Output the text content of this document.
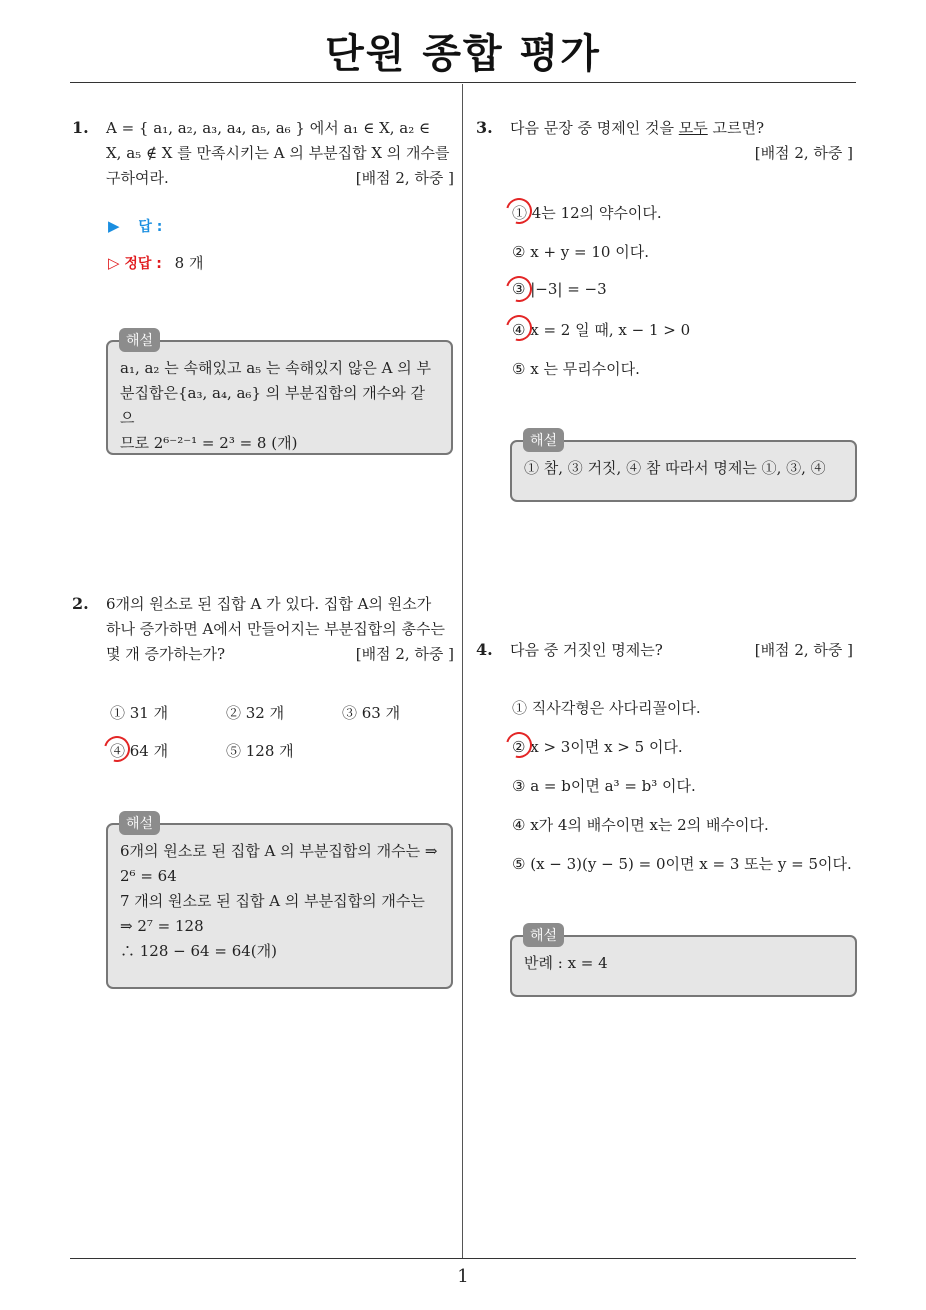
단원 종합 평가
1
1. A = { a₁, a₂, a₃, a₄, a₅, a₆ } 에서 a₁ ∈ X, a₂ ∈
X, a₅ ∉ X 를 만족시키는 A 의 부분집합 X 의 개수를
구하여라.	[배점 2, 하중 ]
▶ 답 :
▷ 정답 : 8 개
a₁, a₂ 는 속해있고 a₅ 는 속해있지 않은 A 의 부
분집합은{a₃, a₄, a₆} 의 부분집합의 개수와 같으
므로 2⁶⁻²⁻¹ = 2³ = 8 (개)
해설
2. 6개의 원소로 된 집합 A 가 있다. 집합 A의 원소가
하나 증가하면 A에서 만들어지는 부분집합의 총수는
몇 개 증가하는가?	[배점 2, 하중 ]
① 31 개	② 32 개	③ 63 개
④ 64 개	⑤ 128 개
6개의 원소로 된 집합 A 의 부분집합의 개수는 ⇒
2⁶ = 64
7 개의 원소로 된 집합 A 의 부분집합의 개수는
⇒ 2⁷ = 128
∴ 128 − 64 = 64(개)
해설
3. 다음 문장 중 명제인 것을 모두 고르면?
[배점 2, 하중 ]
① 4는 12의 약수이다.
② x + y = 10 이다.
③ |−3| = −3
④ x = 2 일 때, x − 1 > 0
⑤ x 는 무리수이다.
① 참, ③ 거짓, ④ 참 따라서 명제는 ①, ③, ④
해설
4. 다음 중 거짓인 명제는?	[배점 2, 하중 ]
① 직사각형은 사다리꼴이다.
② x > 3이면 x > 5 이다.
③ a = b이면 a³ = b³ 이다.
④ x가 4의 배수이면 x는 2의 배수이다.
⑤ (x − 3)(y − 5) = 0이면 x = 3 또는 y = 5이다.
반례 : x = 4
해설
